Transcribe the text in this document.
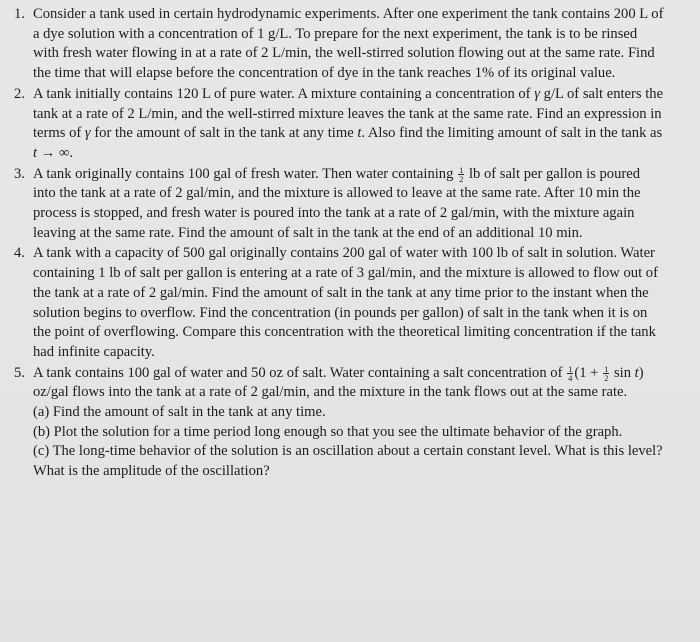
1. Consider a tank used in certain hydrodynamic experiments. After one experiment the tank contains 200 L of a dye solution with a concentration of 1 g/L. To prepare for the next experiment, the tank is to be rinsed with fresh water flowing in at a rate of 2 L/min, the well-stirred solution flowing out at the same rate. Find the time that will elapse before the concentration of dye in the tank reaches 1% of its original value.

2. A tank initially contains 120 L of pure water. A mixture containing a concentration of γ g/L of salt enters the tank at a rate of 2 L/min, and the well-stirred mixture leaves the tank at the same rate. Find an expression in terms of γ for the amount of salt in the tank at any time t. Also find the limiting amount of salt in the tank as t → ∞.

3. A tank originally contains 100 gal of fresh water. Then water containing $\frac{1}{2}$ lb of salt per gallon is poured into the tank at a rate of 2 gal/min, and the mixture is allowed to leave at the same rate. After 10 min the process is stopped, and fresh water is poured into the tank at a rate of 2 gal/min, with the mixture again leaving at the same rate. Find the amount of salt in the tank at the end of an additional 10 min.

4. A tank with a capacity of 500 gal originally contains 200 gal of water with 100 lb of salt in solution. Water containing 1 lb of salt per gallon is entering at a rate of 3 gal/min, and the mixture is allowed to flow out of the tank at a rate of 2 gal/min. Find the amount of salt in the tank at any time prior to the instant when the solution begins to overflow. Find the concentration (in pounds per gallon) of salt in the tank when it is on the point of overflowing. Compare this concentration with the theoretical limiting concentration if the tank had infinite capacity.

5. A tank contains 100 gal of water and 50 oz of salt. Water containing a salt concentration of $\frac{1}{4} (1 + \frac{1}{2}$ sin t) oz/gal flows into the tank at a rate of 2 gal/min, and the mixture in the tank flows out at the same rate.

(a) Find the amount of salt in the tank at any time.

(b) Plot the solution for a time period long enough so that you see the ultimate behavior of the graph.

(c) The long-time behavior of the solution is an oscillation about a certain constant level. What is this level? What is the amplitude of the oscillation?
